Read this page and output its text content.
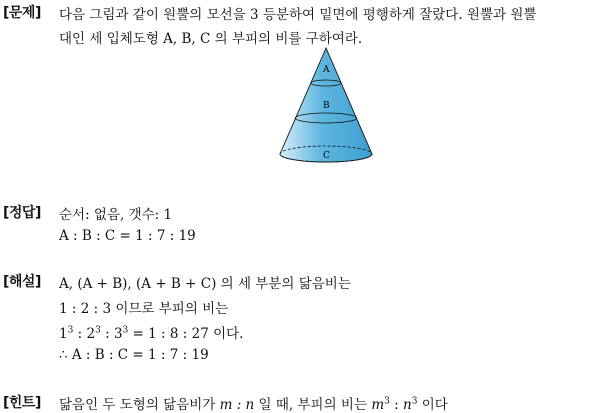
[문제] 다음 그림과 같이 원뿔의 모선을 3 등분하여 밑면에 평행하게 잘랐다. 원뿔과 원뿔
대인 세 입체도형 A, B, C 의 부피의 비를 구하여라.
A
B
C
[정답] 순서: 없음, 갯수: 1
A : B : C = 1 : 7 : 19
[해설] A, (A + B), (A + B + C) 의 세 부분의 닮음비는
1 : 2 : 3 이므로 부피의 비는
$1^3$ : $2^3$ : $3^3 = 1$ : 8 : 27 이다.
∴ A : B : C = 1 : 7 : 19
[힌트] 닮음인 두 도형의 닮음비가 m : n 일 때, 부피의 비는 $m^3$ : $n^3$ 이다
